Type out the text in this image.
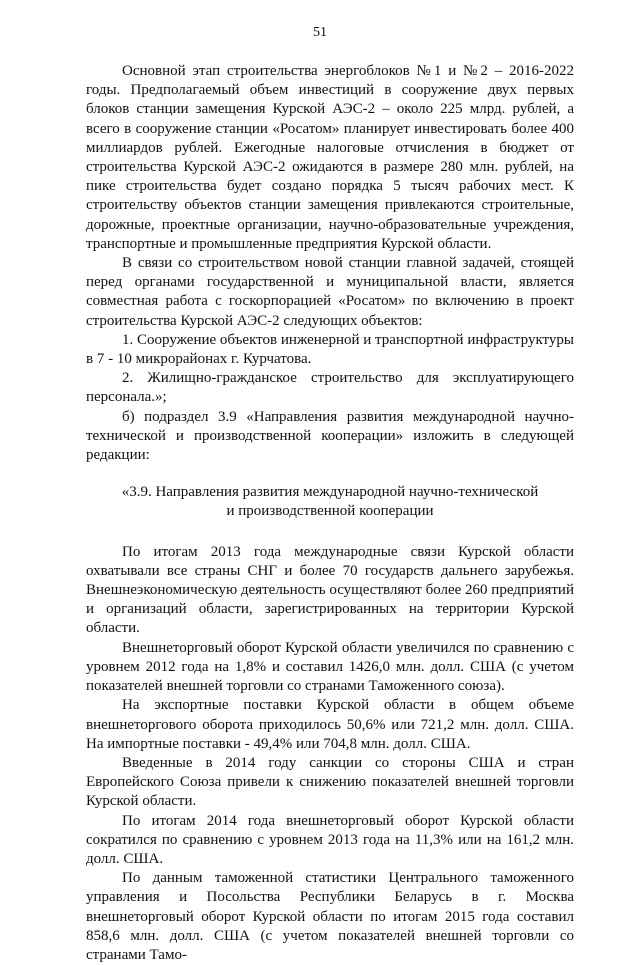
51

Основной этап строительства энергоблоков №1 и №2 – 2016-2022 годы. Предполагаемый объем инвестиций в сооружение двух первых блоков станции замещения Курской АЭС-2 – около 225 млрд. рублей, а всего в сооружение станции «Росатом» планирует инвестировать более 400 миллиардов рублей. Ежегодные налоговые отчисления в бюджет от строительства Курской АЭС-2 ожидаются в размере 280 млн. рублей, на пике строительства будет создано порядка 5 тысяч рабочих мест. К строительству объектов станции замещения привлекаются строительные, дорожные, проектные организации, научно-образовательные учреждения, транспортные и промышленные предприятия Курской области.

В связи со строительством новой станции главной задачей, стоящей перед органами государственной и муниципальной власти, является совместная работа с госкорпорацией «Росатом» по включению в проект строительства Курской АЭС-2 следующих объектов:

1. Сооружение объектов инженерной и транспортной инфраструктуры в 7 - 10 микрорайонах г. Курчатова.

2. Жилищно-гражданское строительство для эксплуатирующего персонала.»;

б) подраздел 3.9 «Направления развития международной научно-технической и производственной кооперации» изложить в следующей редакции:

«3.9. Направления развития международной научно-технической
и производственной кооперации

По итогам 2013 года международные связи Курской области охватывали все страны СНГ и более 70 государств дальнего зарубежья. Внешнеэкономическую деятельность осуществляют более 260 предприятий и организаций области, зарегистрированных на территории Курской области.

Внешнеторговый оборот Курской области увеличился по сравнению с уровнем 2012 года на 1,8% и составил 1426,0 млн. долл. США (с учетом показателей внешней торговли со странами Таможенного союза).

На экспортные поставки Курской области в общем объеме внешнеторгового оборота приходилось 50,6% или 721,2 млн. долл. США. На импортные поставки - 49,4% или 704,8 млн. долл. США.

Введенные в 2014 году санкции со стороны США и стран Европейского Союза привели к снижению показателей внешней торговли Курской области.

По итогам 2014 года внешнеторговый оборот Курской области сократился по сравнению с уровнем 2013 года на 11,3% или на 161,2 млн. долл. США.

По данным таможенной статистики Центрального таможенного управления и Посольства Республики Беларусь в г. Москва внешнеторговый оборот Курской области по итогам 2015 года составил 858,6 млн. долл. США (с учетом показателей внешней торговли со странами Тамо-
